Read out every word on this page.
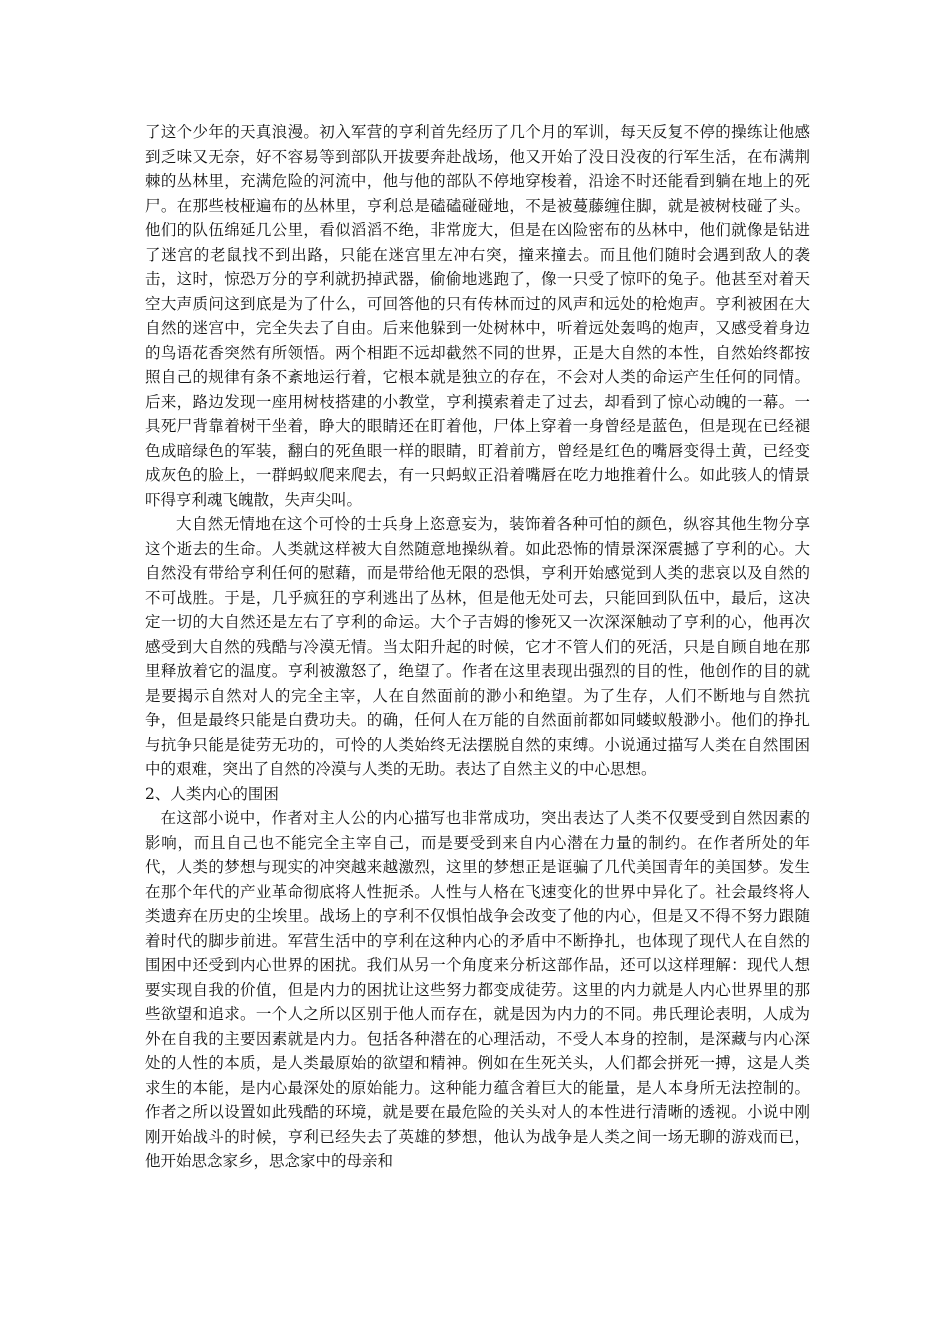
了这个少年的天真浪漫。初入军营的亨利首先经历了几个月的军训，每天反复不停的操练让他感到乏味又无奈，好不容易等到部队开拔要奔赴战场，他又开始了没日没夜的行军生活，在布满荆棘的丛林里，充满危险的河流中，他与他的部队不停地穿梭着，沿途不时还能看到躺在地上的死尸。在那些枝桠遍布的丛林里，亨利总是磕磕碰碰地，不是被蔓藤缠住脚，就是被树枝碰了头。他们的队伍绵延几公里，看似滔滔不绝，非常庞大，但是在凶险密布的丛林中，他们就像是钻进了迷宫的老鼠找不到出路，只能在迷宫里左冲右突，撞来撞去。而且他们随时会遇到敌人的袭击，这时，惊恐万分的亨利就扔掉武器，偷偷地逃跑了，像一只受了惊吓的兔子。他甚至对着天空大声质问这到底是为了什么，可回答他的只有传林而过的风声和远处的枪炮声。亨利被困在大自然的迷宫中，完全失去了自由。后来他躲到一处树林中，听着远处轰鸣的炮声，又感受着身边的鸟语花香突然有所领悟。两个相距不远却截然不同的世界，正是大自然的本性，自然始终都按照自己的规律有条不紊地运行着，它根本就是独立的存在，不会对人类的命运产生任何的同情。后来，路边发现一座用树枝搭建的小教堂，亨利摸索着走了过去，却看到了惊心动魄的一幕。一具死尸背靠着树干坐着，睁大的眼睛还在盯着他，尸体上穿着一身曾经是蓝色，但是现在已经褪色成暗绿色的军装，翻白的死鱼眼一样的眼睛，盯着前方，曾经是红色的嘴唇变得土黄，已经变成灰色的脸上，一群蚂蚁爬来爬去，有一只蚂蚁正沿着嘴唇在吃力地推着什么。如此骇人的情景吓得亨利魂飞魄散，失声尖叫。

大自然无情地在这个可怜的士兵身上恣意妄为，装饰着各种可怕的颜色，纵容其他生物分享这个逝去的生命。人类就这样被大自然随意地操纵着。如此恐怖的情景深深震撼了亨利的心。大自然没有带给亨利任何的慰藉，而是带给他无限的恐惧，亨利开始感觉到人类的悲哀以及自然的不可战胜。于是，几乎疯狂的亨利逃出了丛林，但是他无处可去，只能回到队伍中，最后，这决定一切的大自然还是左右了亨利的命运。大个子吉姆的惨死又一次深深触动了亨利的心，他再次感受到大自然的残酷与冷漠无情。当太阳升起的时候，它才不管人们的死活，只是自顾自地在那里释放着它的温度。亨利被激怒了，绝望了。作者在这里表现出强烈的目的性，他创作的目的就是要揭示自然对人的完全主宰，人在自然面前的渺小和绝望。为了生存，人们不断地与自然抗争，但是最终只能是白费功夫。的确，任何人在万能的自然面前都如同蝼蚁般渺小。他们的挣扎与抗争只能是徒劳无功的，可怜的人类始终无法摆脱自然的束缚。小说通过描写人类在自然围困中的艰难，突出了自然的冷漠与人类的无助。表达了自然主义的中心思想。

2、人类内心的围困

在这部小说中，作者对主人公的内心描写也非常成功，突出表达了人类不仅要受到自然因素的影响，而且自己也不能完全主宰自己，而是要受到来自内心潜在力量的制约。在作者所处的年代，人类的梦想与现实的冲突越来越激烈，这里的梦想正是诓骗了几代美国青年的美国梦。发生在那个年代的产业革命彻底将人性扼杀。人性与人格在飞速变化的世界中异化了。社会最终将人类遗弃在历史的尘埃里。战场上的亨利不仅惧怕战争会改变了他的内心，但是又不得不努力跟随着时代的脚步前进。军营生活中的亨利在这种内心的矛盾中不断挣扎，也体现了现代人在自然的围困中还受到内心世界的困扰。我们从另一个角度来分析这部作品，还可以这样理解：现代人想要实现自我的价值，但是内力的困扰让这些努力都变成徒劳。这里的内力就是人内心世界里的那些欲望和追求。一个人之所以区别于他人而存在，就是因为内力的不同。弗氏理论表明，人成为外在自我的主要因素就是内力。包括各种潜在的心理活动，不受人本身的控制，是深藏与内心深处的人性的本质，是人类最原始的欲望和精神。例如在生死关头，人们都会拼死一搏，这是人类求生的本能，是内心最深处的原始能力。这种能力蕴含着巨大的能量，是人本身所无法控制的。作者之所以设置如此残酷的环境，就是要在最危险的关头对人的本性进行清晰的透视。小说中刚刚开始战斗的时候，亨利已经失去了英雄的梦想，他认为战争是人类之间一场无聊的游戏而已，他开始思念家乡，思念家中的母亲和
